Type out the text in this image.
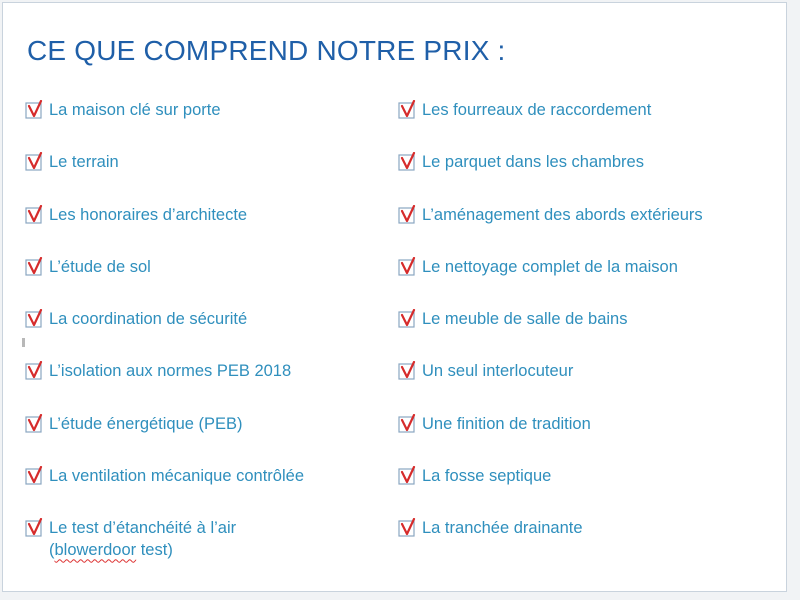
CE QUE COMPREND NOTRE PRIX :
La maison clé sur porte
Le terrain
Les honoraires d’architecte
L’étude de sol
La coordination de sécurité
L’isolation aux normes PEB 2018
L’étude énergétique (PEB)
La ventilation mécanique contrôlée
Le test d’étanchéité à l’air
(blowerdoor test)
Les fourreaux de raccordement
Le parquet dans les chambres
L’aménagement des abords extérieurs
Le nettoyage complet de la maison
Le meuble de salle de bains
Un seul interlocuteur
Une finition de tradition
La fosse septique
La tranchée drainante
